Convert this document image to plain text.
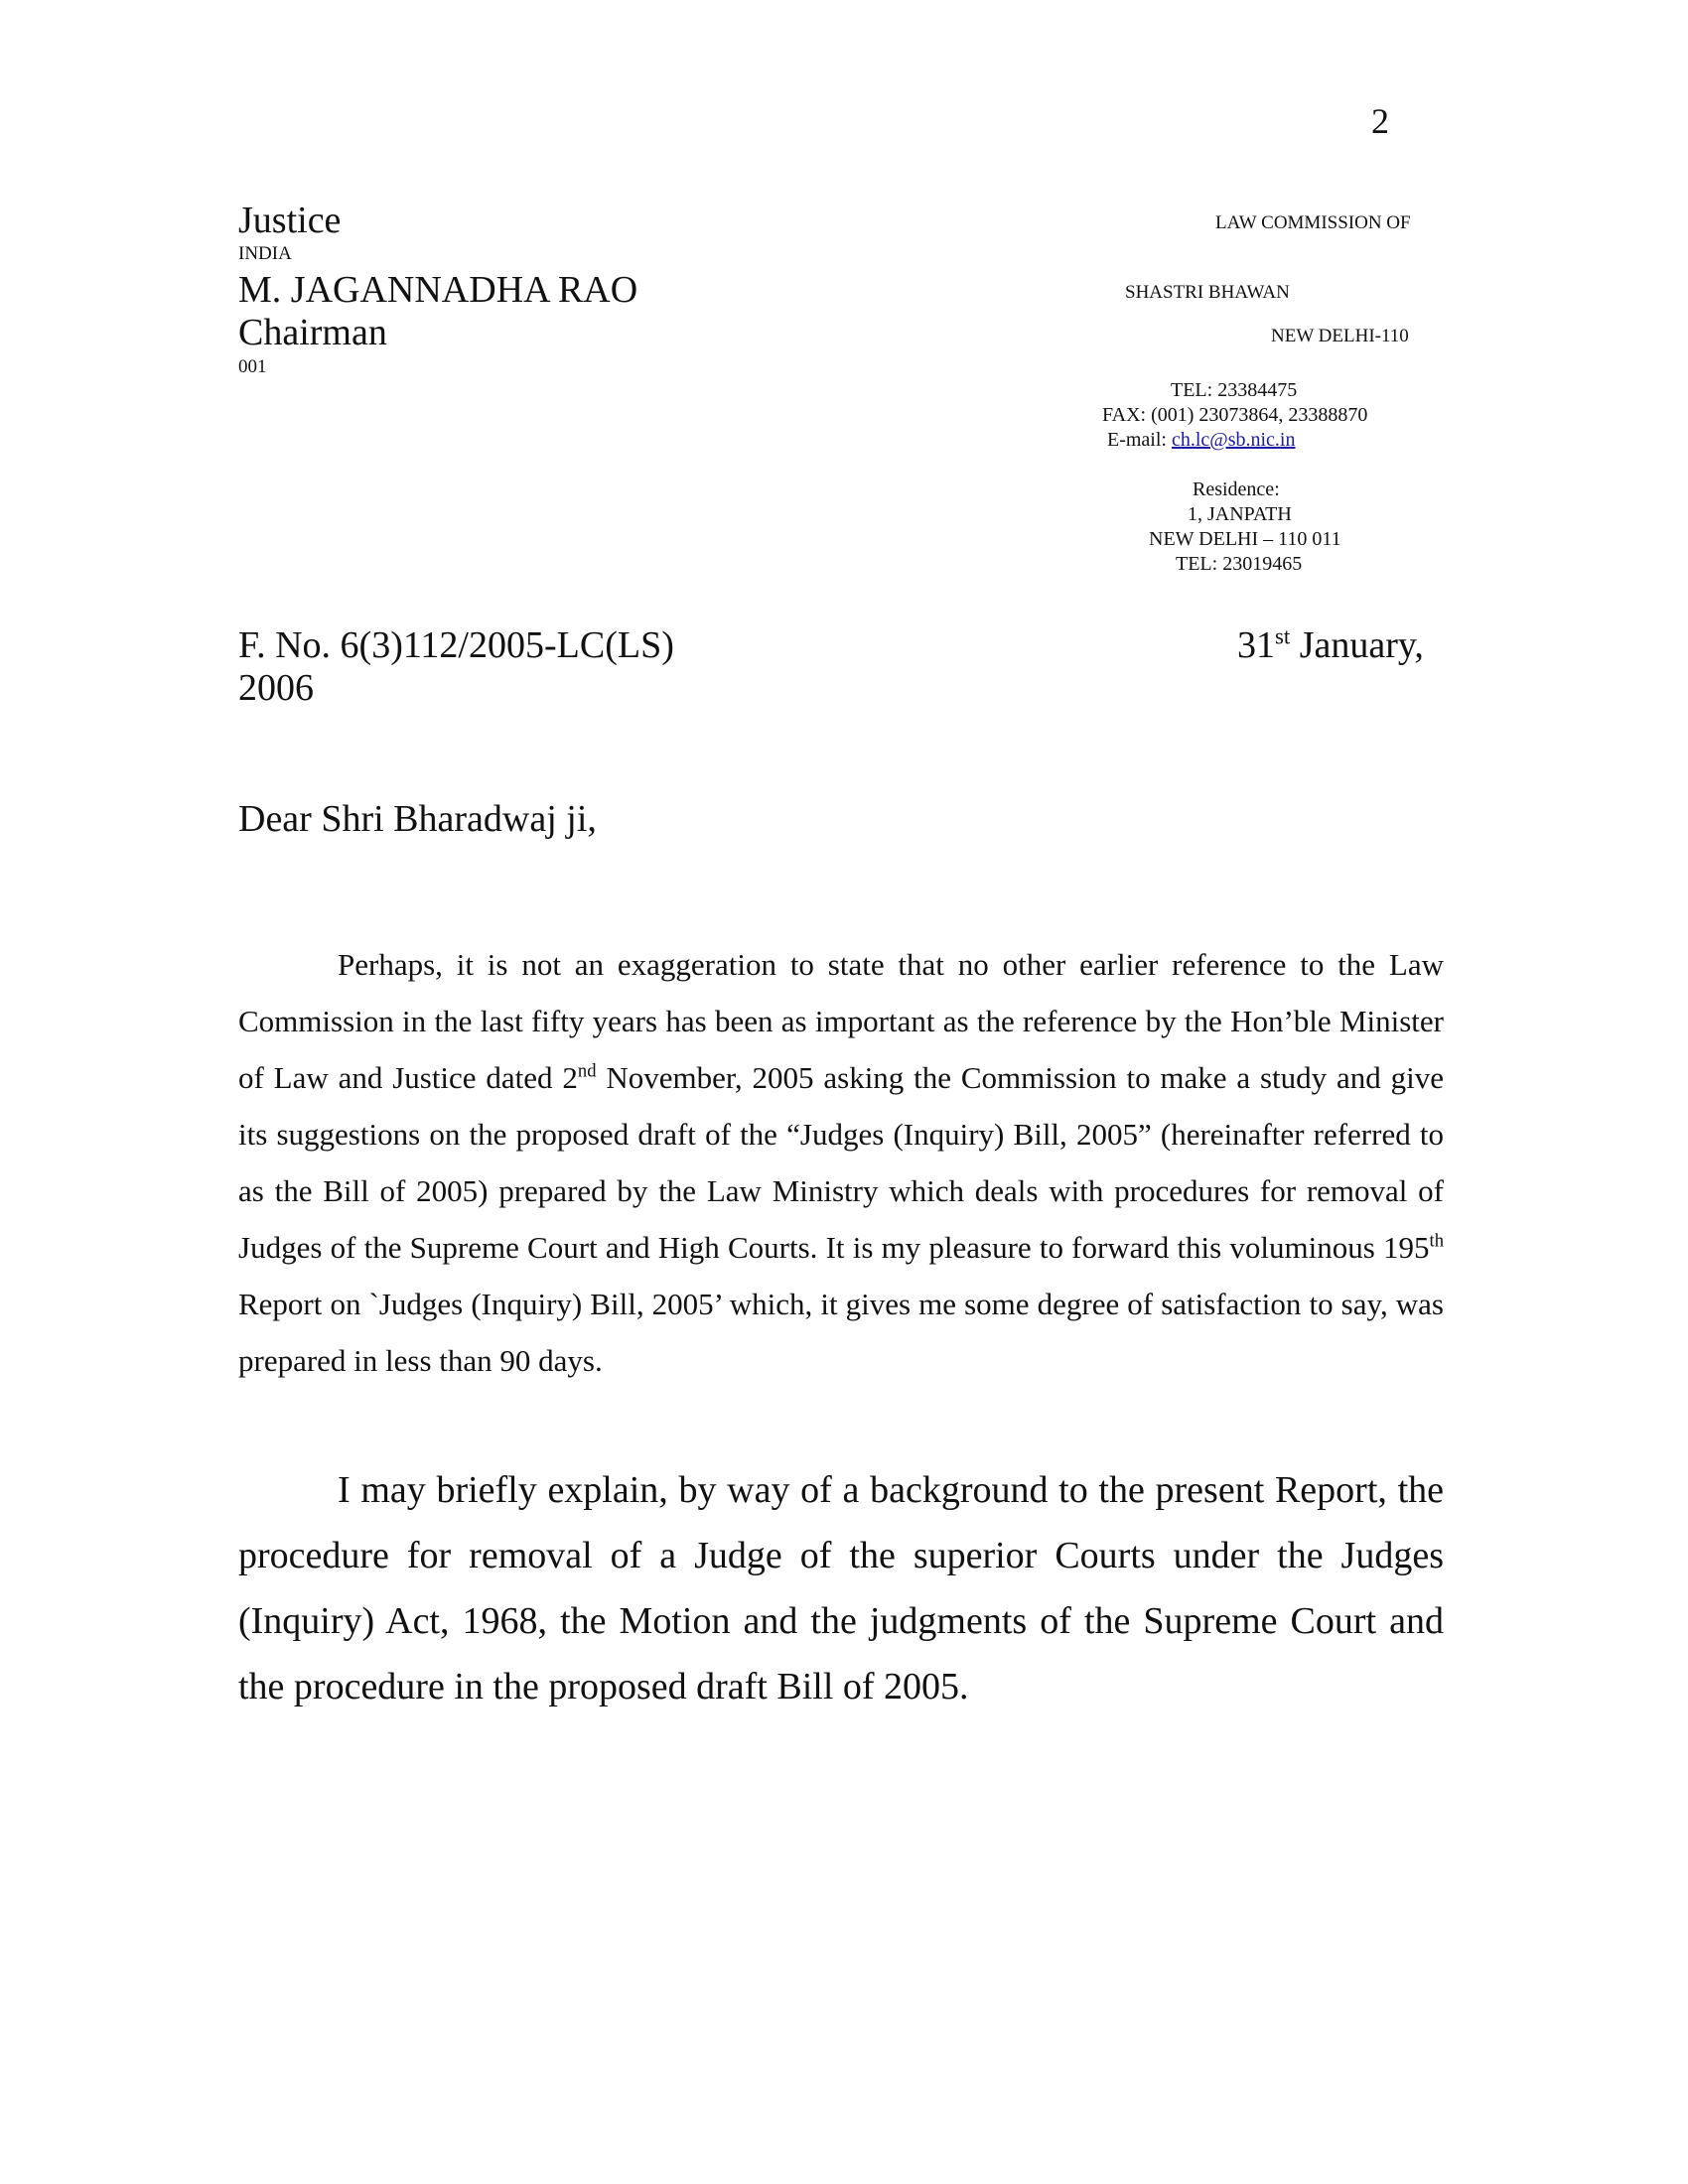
2
Justice	LAW COMMISSION OF
INDIA
M. JAGANNADHA RAO	SHASTRI BHAWAN
Chairman	NEW DELHI-110
001
TEL: 23384475
FAX: (001) 23073864, 23388870
E-mail: ch.lc@sb.nic.in
Residence:
1, JANPATH
NEW DELHI – 110 011
TEL: 23019465
F. No. 6(3)112/2005-LC(LS)	31st January,
2006
Dear Shri Bharadwaj ji,

Perhaps, it is not an exaggeration to state that no other earlier reference to the Law Commission in the last fifty years has been as important as the reference by the Hon’ble Minister of Law and Justice dated 2nd November, 2005 asking the Commission to make a study and give its suggestions on the proposed draft of the “Judges (Inquiry) Bill, 2005” (hereinafter referred to as the Bill of 2005) prepared by the Law Ministry which deals with procedures for removal of Judges of the Supreme Court and High Courts. It is my pleasure to forward this voluminous 195th Report on `Judges (Inquiry) Bill, 2005’ which, it gives me some degree of satisfaction to say, was prepared in less than 90 days.

I may briefly explain, by way of a background to the present Report, the procedure for removal of a Judge of the superior Courts under the Judges (Inquiry) Act, 1968, the Motion and the judgments of the Supreme Court and the procedure in the proposed draft Bill of 2005.
